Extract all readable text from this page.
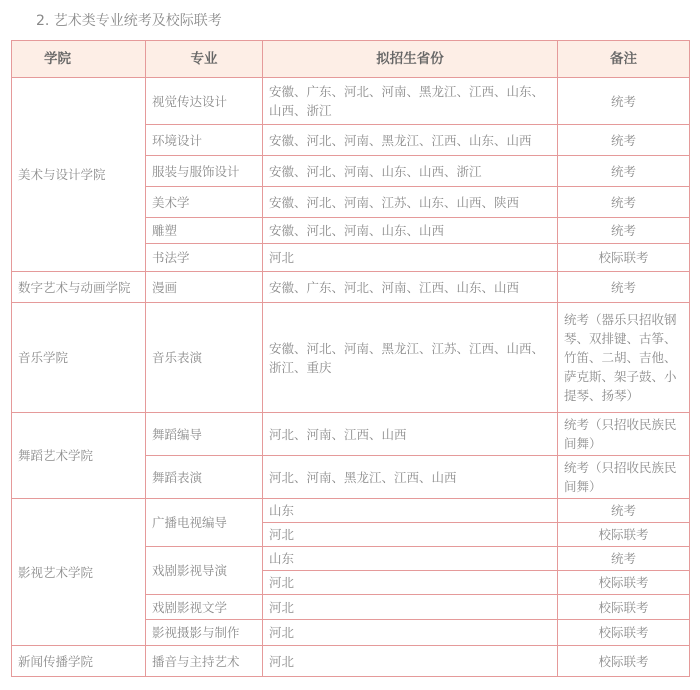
2. 艺术类专业统考及校际联考
学院	专业	拟招生省份	备注
美术与设计学院	视觉传达设计	安徽、广东、河北、河南、黑龙江、江西、山东、山西、浙江	统考
	环境设计	安徽、河北、河南、黑龙江、江西、山东、山西	统考
	服装与服饰设计	安徽、河北、河南、山东、山西、浙江	统考
	美术学	安徽、河北、河南、江苏、山东、山西、陕西	统考
	雕塑	安徽、河北、河南、山东、山西	统考
	书法学	河北	校际联考
数字艺术与动画学院	漫画	安徽、广东、河北、河南、江西、山东、山西	统考
音乐学院	音乐表演	安徽、河北、河南、黑龙江、江苏、江西、山西、浙江、重庆	统考（器乐只招收钢琴、双排键、古筝、竹笛、二胡、吉他、萨克斯、架子鼓、小提琴、扬琴）
舞蹈艺术学院	舞蹈编导	河北、河南、江西、山西	统考（只招收民族民间舞）
	舞蹈表演	河北、河南、黑龙江、江西、山西	统考（只招收民族民间舞）
影视艺术学院	广播电视编导	山东	统考
		河北	校际联考
	戏剧影视导演	山东	统考
		河北	校际联考
	戏剧影视文学	河北	校际联考
	影视摄影与制作	河北	校际联考
新闻传播学院	播音与主持艺术	河北	校际联考
